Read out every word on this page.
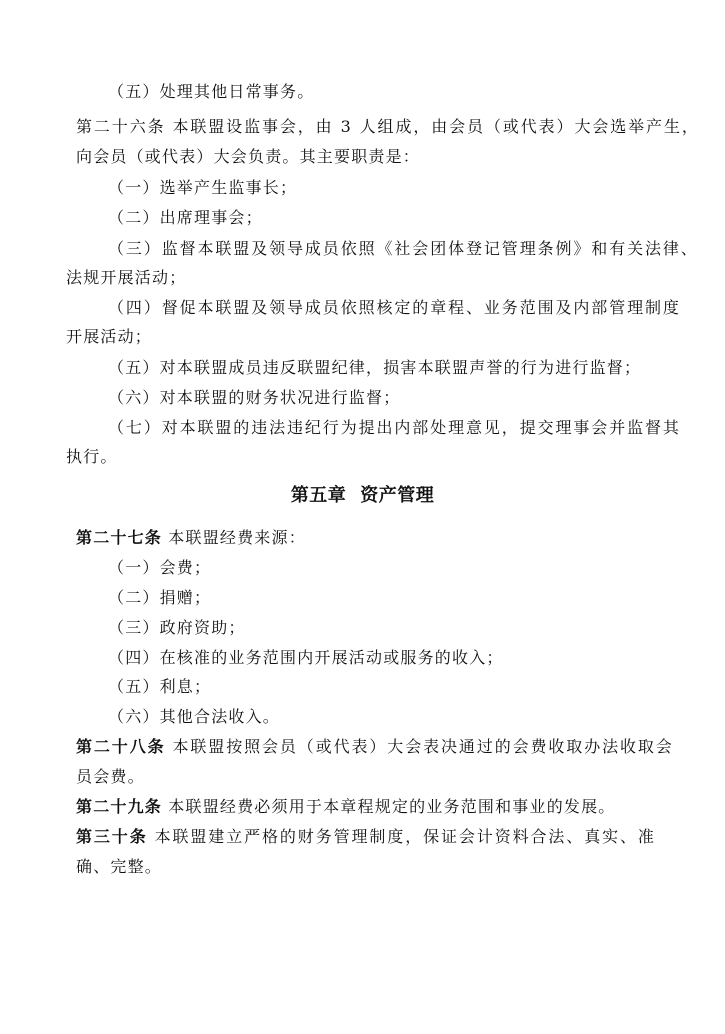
（五）处理其他日常事务。
第二十六条 本联盟设监事会，由 3 人组成，由会员（或代表）大会选举产生，
向会员（或代表）大会负责。其主要职责是：
（一）选举产生监事长；
（二）出席理事会；
（三）监督本联盟及领导成员依照《社会团体登记管理条例》和有关法律、
法规开展活动；
（四）督促本联盟及领导成员依照核定的章程、业务范围及内部管理制度
开展活动；
（五）对本联盟成员违反联盟纪律，损害本联盟声誉的行为进行监督；
（六）对本联盟的财务状况进行监督；
（七）对本联盟的违法违纪行为提出内部处理意见，提交理事会并监督其
执行。
第五章 资产管理
第二十七条 本联盟经费来源：
（一）会费；
（二）捐赠；
（三）政府资助；
（四）在核准的业务范围内开展活动或服务的收入；
（五）利息；
（六）其他合法收入。
第二十八条 本联盟按照会员（或代表）大会表决通过的会费收取办法收取会
员会费。
第二十九条 本联盟经费必须用于本章程规定的业务范围和事业的发展。
第三十条 本联盟建立严格的财务管理制度，保证会计资料合法、真实、准
确、完整。
